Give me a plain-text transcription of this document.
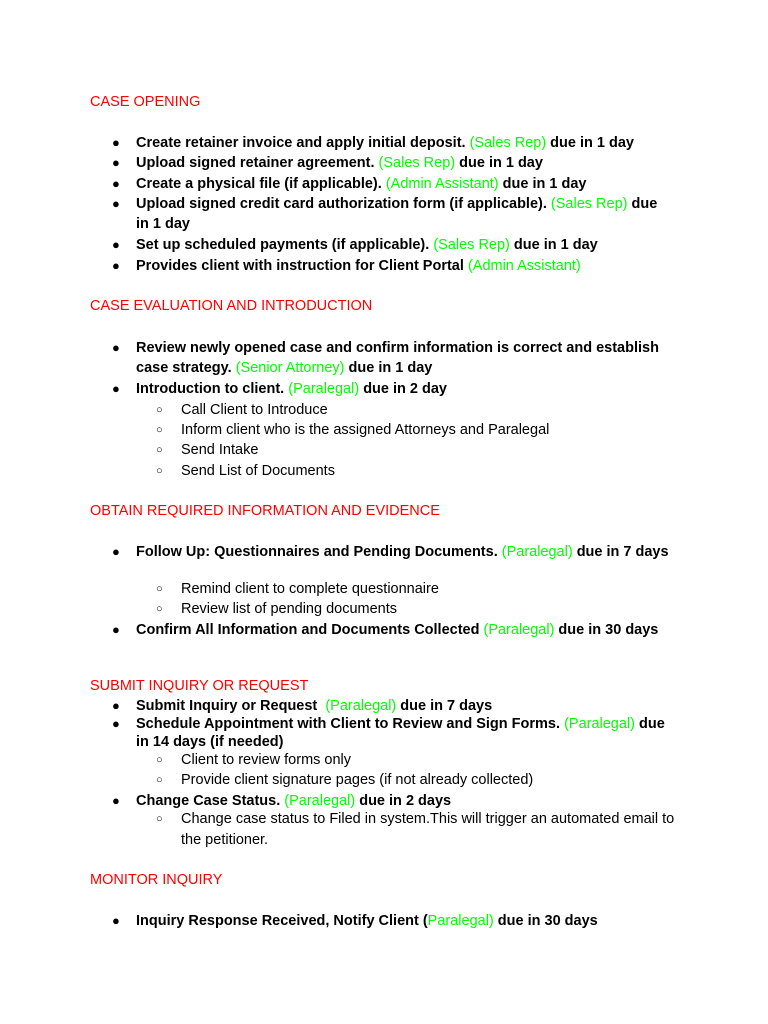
CASE OPENING
●	Create retainer invoice and apply initial deposit. (Sales Rep) due in 1 day
●	Upload signed retainer agreement. (Sales Rep) due in 1 day
●	Create a physical file (if applicable). (Admin Assistant) due in 1 day
●	Upload signed credit card authorization form (if applicable). (Sales Rep) due in 1 day
●	Set up scheduled payments (if applicable). (Sales Rep) due in 1 day
●	Provides client with instruction for Client Portal (Admin Assistant)
CASE EVALUATION AND INTRODUCTION
●	Review newly opened case and confirm information is correct and establish case strategy. (Senior Attorney) due in 1 day
●	Introduction to client. (Paralegal) due in 2 day
○	Call Client to Introduce
○	Inform client who is the assigned Attorneys and Paralegal
○	Send Intake
○	Send List of Documents
OBTAIN REQUIRED INFORMATION AND EVIDENCE
●	Follow Up: Questionnaires and Pending Documents. (Paralegal) due in 7 days
○	Remind client to complete questionnaire
○	Review list of pending documents
●	Confirm All Information and Documents Collected (Paralegal) due in 30 days
SUBMIT INQUIRY OR REQUEST
●	Submit Inquiry or Request  (Paralegal) due in 7 days
●	Schedule Appointment with Client to Review and Sign Forms. (Paralegal) due in 14 days (if needed)
○	Client to review forms only
○	Provide client signature pages (if not already collected)
●	Change Case Status. (Paralegal) due in 2 days
○	Change case status to Filed in system.This will trigger an automated email to the petitioner.
MONITOR INQUIRY
●	Inquiry Response Received, Notify Client (Paralegal) due in 30 days
